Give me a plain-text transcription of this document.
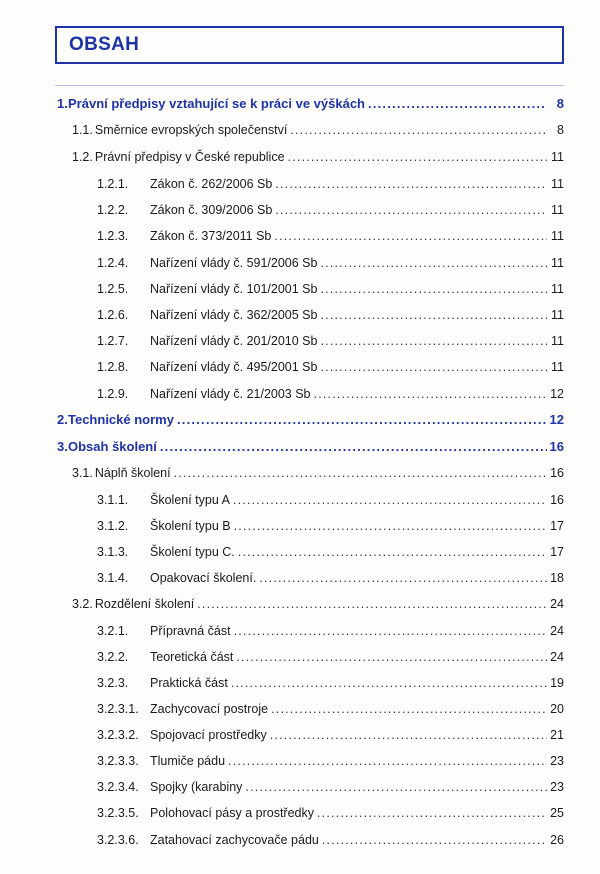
OBSAH
1. Právní předpisy vztahující se k práci ve výškách .....	8
1.1. Směrnice evropských společenství .....	8
1.2. Právní předpisy v České republice .....	11
1.2.1.	Zákon č. 262/2006 Sb .....	11
1.2.2.	Zákon č. 309/2006 Sb .....	11
1.2.3.	Zákon č. 373/2011 Sb .....	11
1.2.4.	Nařízení vlády č. 591/2006 Sb .....	11
1.2.5.	Nařízení vlády č. 101/2001 Sb .....	11
1.2.6.	Nařízení vlády č. 362/2005 Sb .....	11
1.2.7.	Nařízení vlády č. 201/2010 Sb .....	11
1.2.8.	Nařízení vlády č. 495/2001 Sb .....	11
1.2.9.	Nařízení vlády č. 21/2003 Sb .....	12
2. Technické normy .....	12
3. Obsah školení .....	16
3.1. Náplň školení .....	16
3.1.1.	Školení typu A .....	16
3.1.2.	Školení typu B .....	17
3.1.3.	Školení typu C. .....	17
3.1.4.	Opakovací školení. .....	18
3.2. Rozdělení školení .....	24
3.2.1.	Přípravná část .....	24
3.2.2.	Teoretická část .....	24
3.2.3.	Praktická část .....	19
3.2.3.1. Zachycovací postroje .....	20
3.2.3.2. Spojovací prostředky .....	21
3.2.3.3. Tlumiče pádu .....	23
3.2.3.4. Spojky (karabiny .....	23
3.2.3.5. Polohovací pásy a prostředky .....	25
3.2.3.6. Zatahovací zachycovače pádu .....	26
